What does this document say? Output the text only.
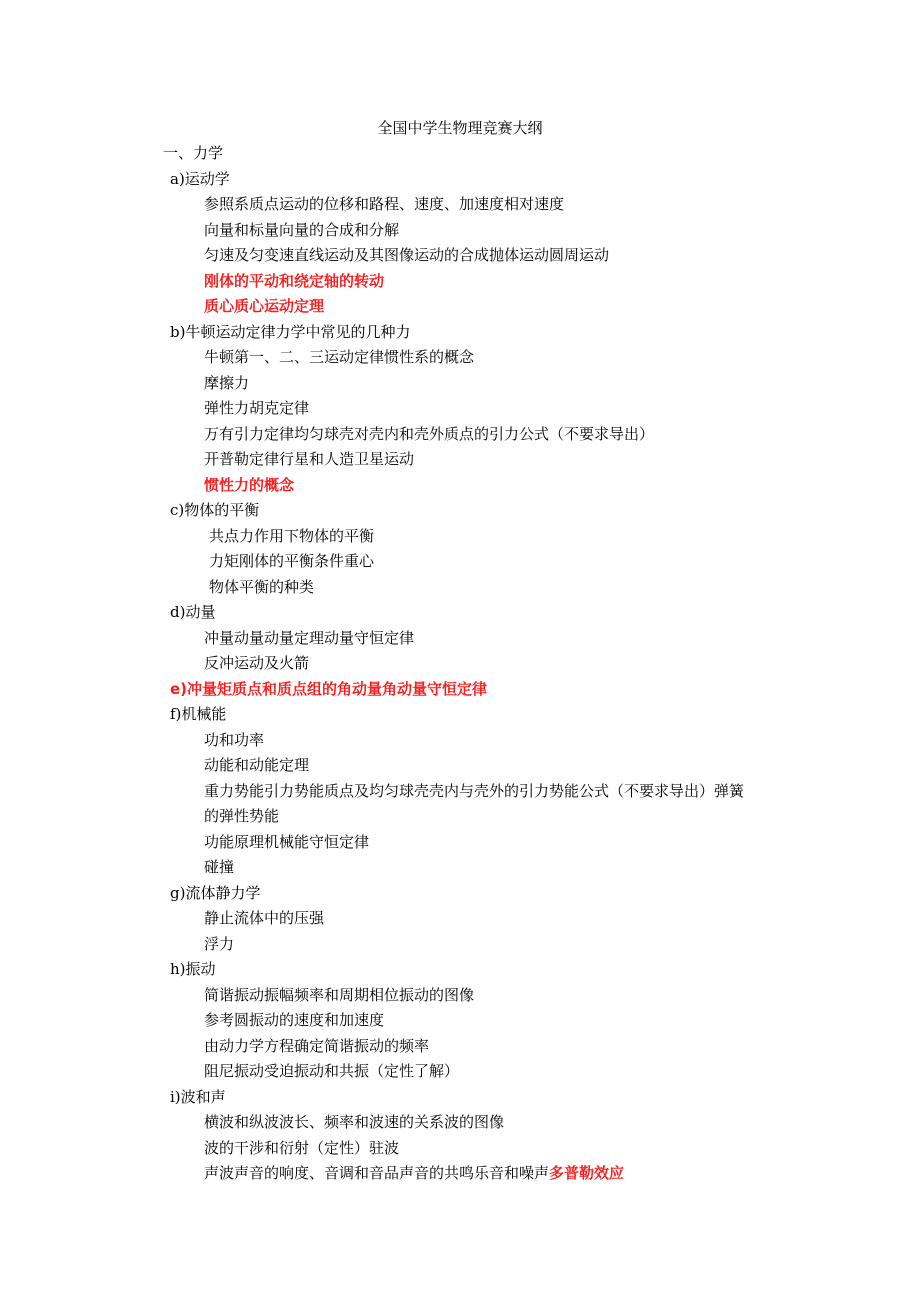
全国中学生物理竞赛大纲
一、力学
a)运动学
参照系质点运动的位移和路程、速度、加速度相对速度
向量和标量向量的合成和分解
匀速及匀变速直线运动及其图像运动的合成抛体运动圆周运动
刚体的平动和绕定轴的转动
质心质心运动定理
b)牛顿运动定律力学中常见的几种力
牛顿第一、二、三运动定律惯性系的概念
摩擦力
弹性力胡克定律
万有引力定律均匀球壳对壳内和壳外质点的引力公式（不要求导出）
开普勒定律行星和人造卫星运动
惯性力的概念
c)物体的平衡
共点力作用下物体的平衡
力矩刚体的平衡条件重心
物体平衡的种类
d)动量
冲量动量动量定理动量守恒定律
反冲运动及火箭
e)冲量矩质点和质点组的角动量角动量守恒定律
f)机械能
功和功率
动能和动能定理
重力势能引力势能质点及均匀球壳壳内与壳外的引力势能公式（不要求导出）弹簧
的弹性势能
功能原理机械能守恒定律
碰撞
g)流体静力学
静止流体中的压强
浮力
h)振动
简谐振动振幅频率和周期相位振动的图像
参考圆振动的速度和加速度
由动力学方程确定简谐振动的频率
阻尼振动受迫振动和共振（定性了解）
i)波和声
横波和纵波波长、频率和波速的关系波的图像
波的干涉和衍射（定性）驻波
声波声音的响度、音调和音品声音的共鸣乐音和噪声多普勒效应
